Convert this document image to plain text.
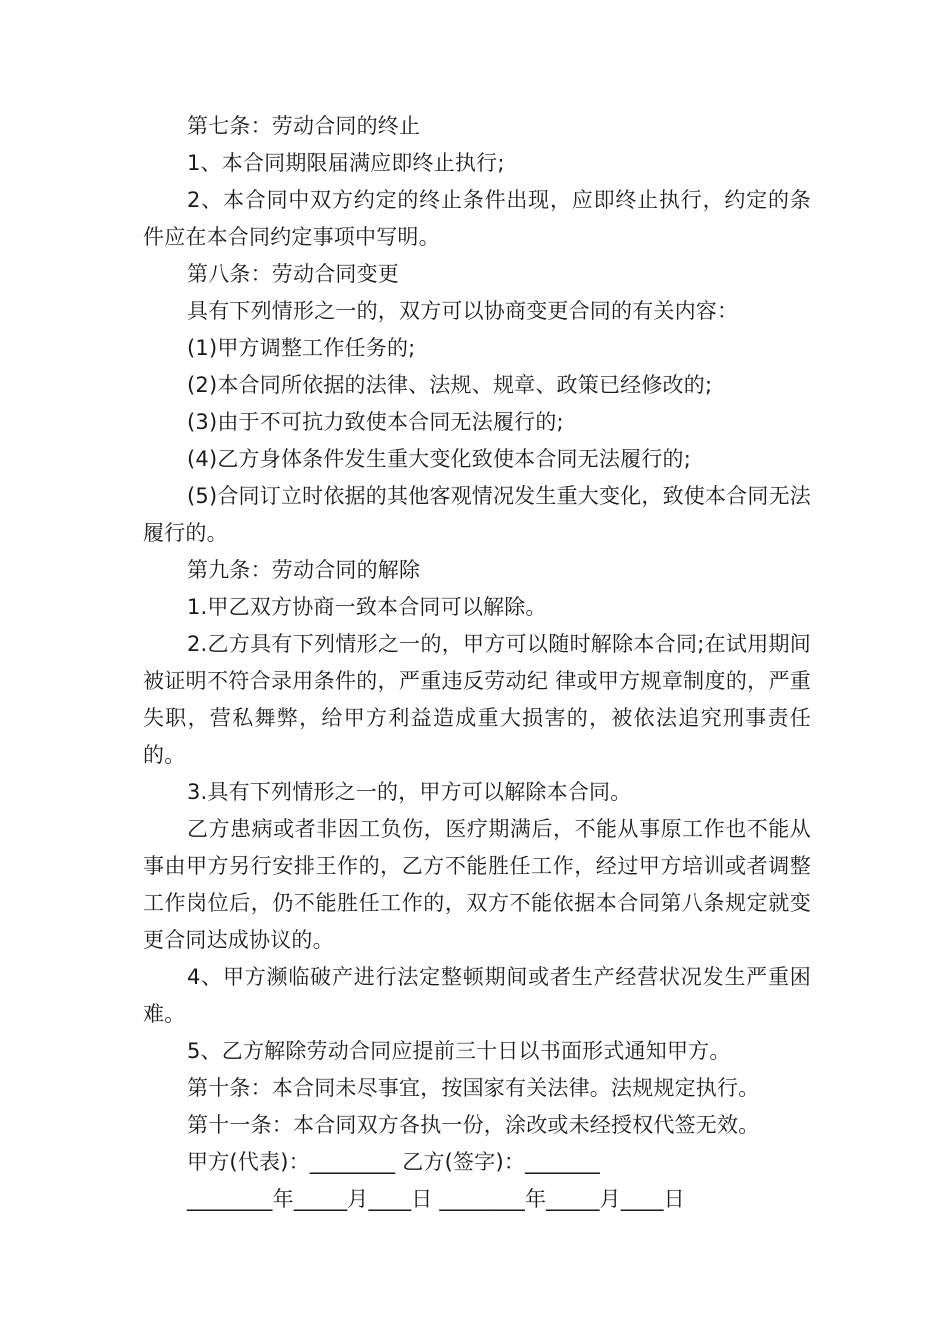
第七条：劳动合同的终止

1、本合同期限届满应即终止执行;

2、本合同中双方约定的终止条件出现，应即终止执行，约定的条件应在本合同约定事项中写明。

第八条：劳动合同变更

具有下列情形之一的，双方可以协商变更合同的有关内容：

(1)甲方调整工作任务的;

(2)本合同所依据的法律、法规、规章、政策已经修改的;

(3)由于不可抗力致使本合同无法履行的;

(4)乙方身体条件发生重大变化致使本合同无法履行的;

(5)合同订立时依据的其他客观情况发生重大变化，致使本合同无法履行的。

第九条：劳动合同的解除

1.甲乙双方协商一致本合同可以解除。

2.乙方具有下列情形之一的，甲方可以随时解除本合同;在试用期间被证明不符合录用条件的，严重违反劳动纪 律或甲方规章制度的，严重失职，营私舞弊，给甲方利益造成重大损害的，被依法追究刑事责任的。

3.具有下列情形之一的，甲方可以解除本合同。

乙方患病或者非因工负伤，医疗期满后，不能从事原工作也不能从事由甲方另行安排王作的，乙方不能胜任工作，经过甲方培训或者调整工作岗位后，仍不能胜任工作的，双方不能依据本合同第八条规定就变更合同达成协议的。

4、甲方濒临破产进行法定整顿期间或者生产经营状况发生严重困难。

5、乙方解除劳动合同应提前三十日以书面形式通知甲方。

第十条：本合同未尽事宜，按国家有关法律。法规规定执行。

第十一条：本合同双方各执一份，涂改或未经授权代签无效。

甲方(代表)：________ 乙方(签字)：_______

________年_____月____日 ________年_____月____日
